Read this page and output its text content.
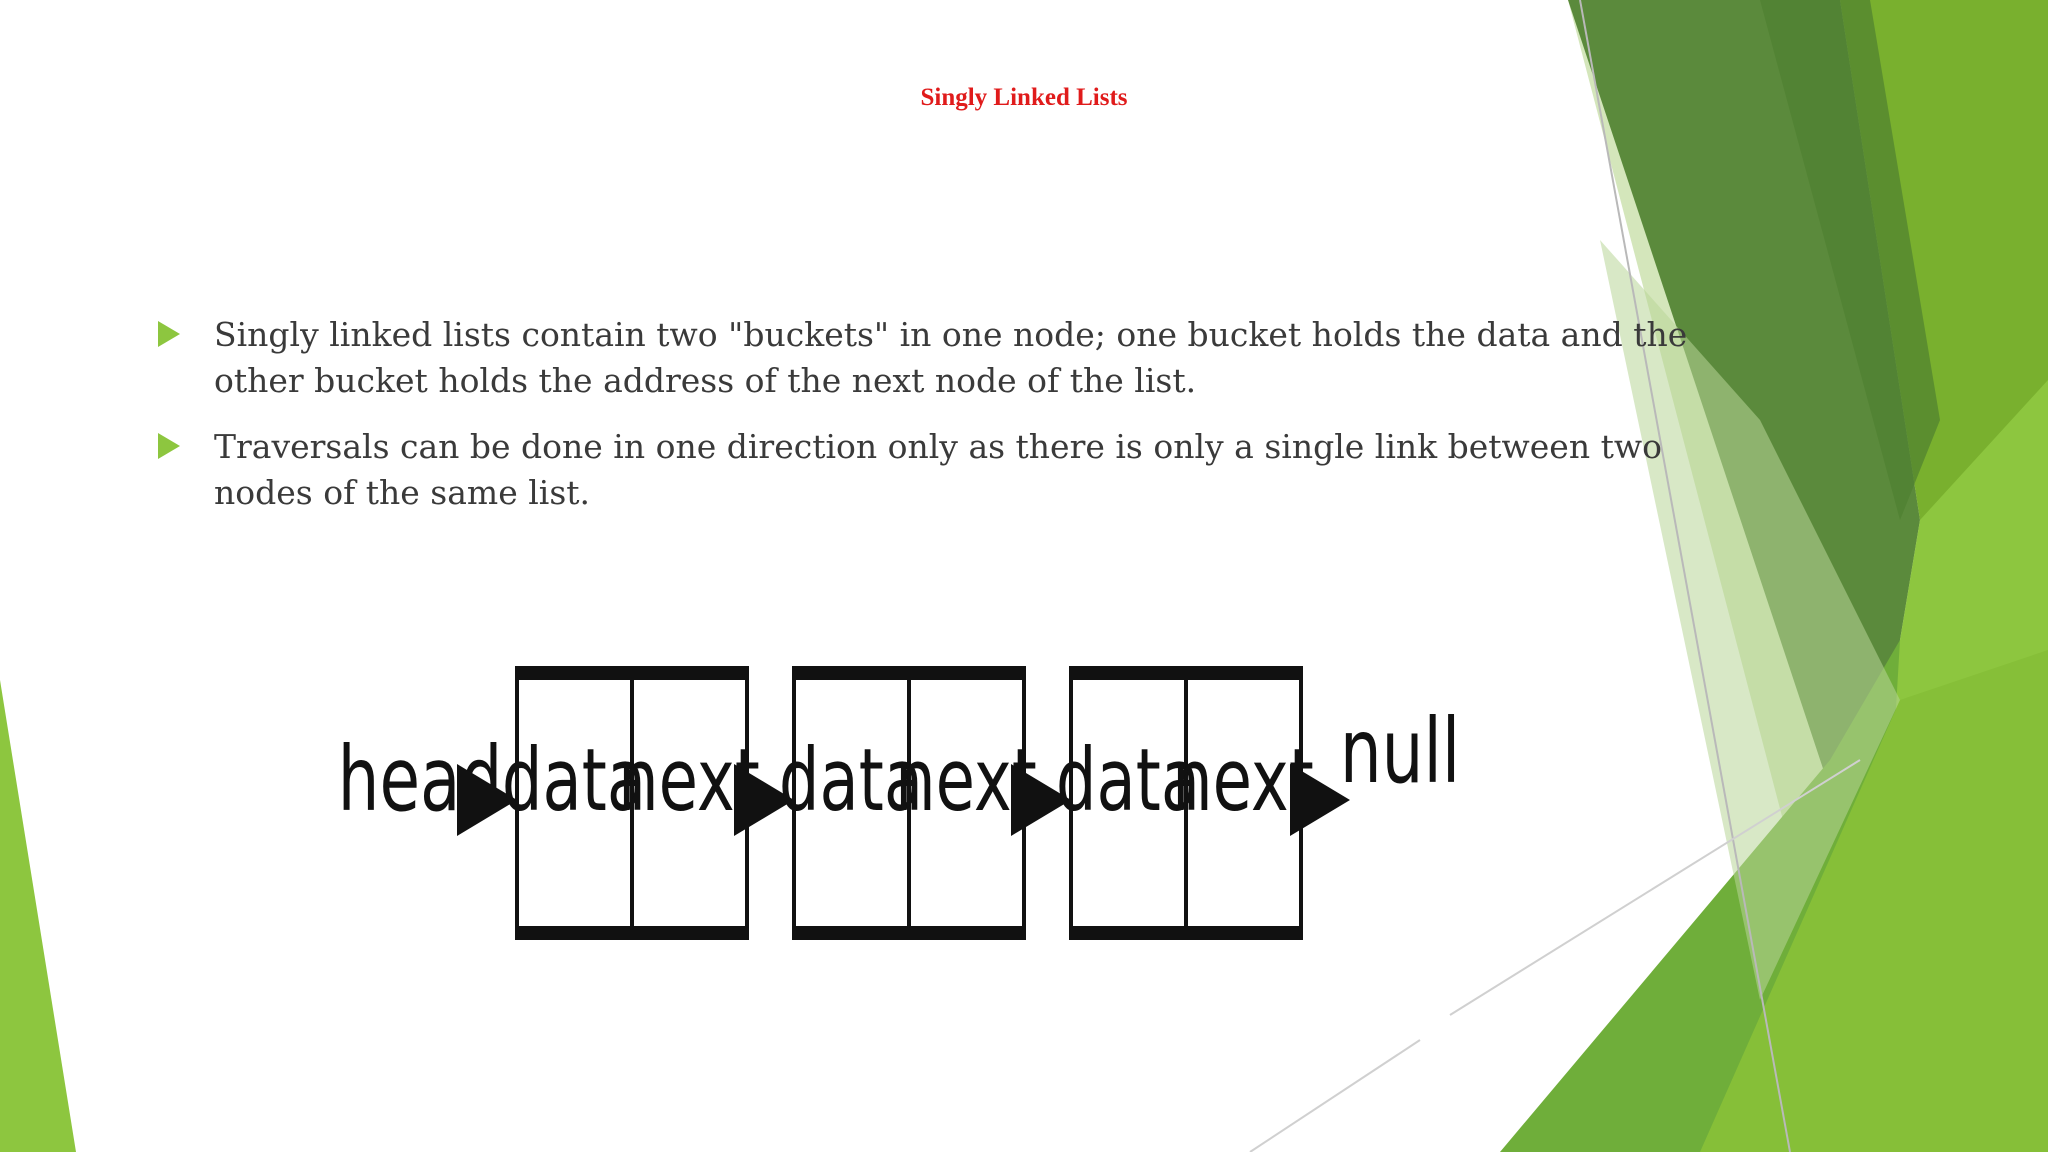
Singly Linked Lists
Singly linked lists contain two "buckets" in one node; one bucket holds the data and the other bucket holds the address of the next node of the list.
Traversals can be done in one direction only as there is only a single link between two nodes of the same list.
head data
next data
next data
next null
